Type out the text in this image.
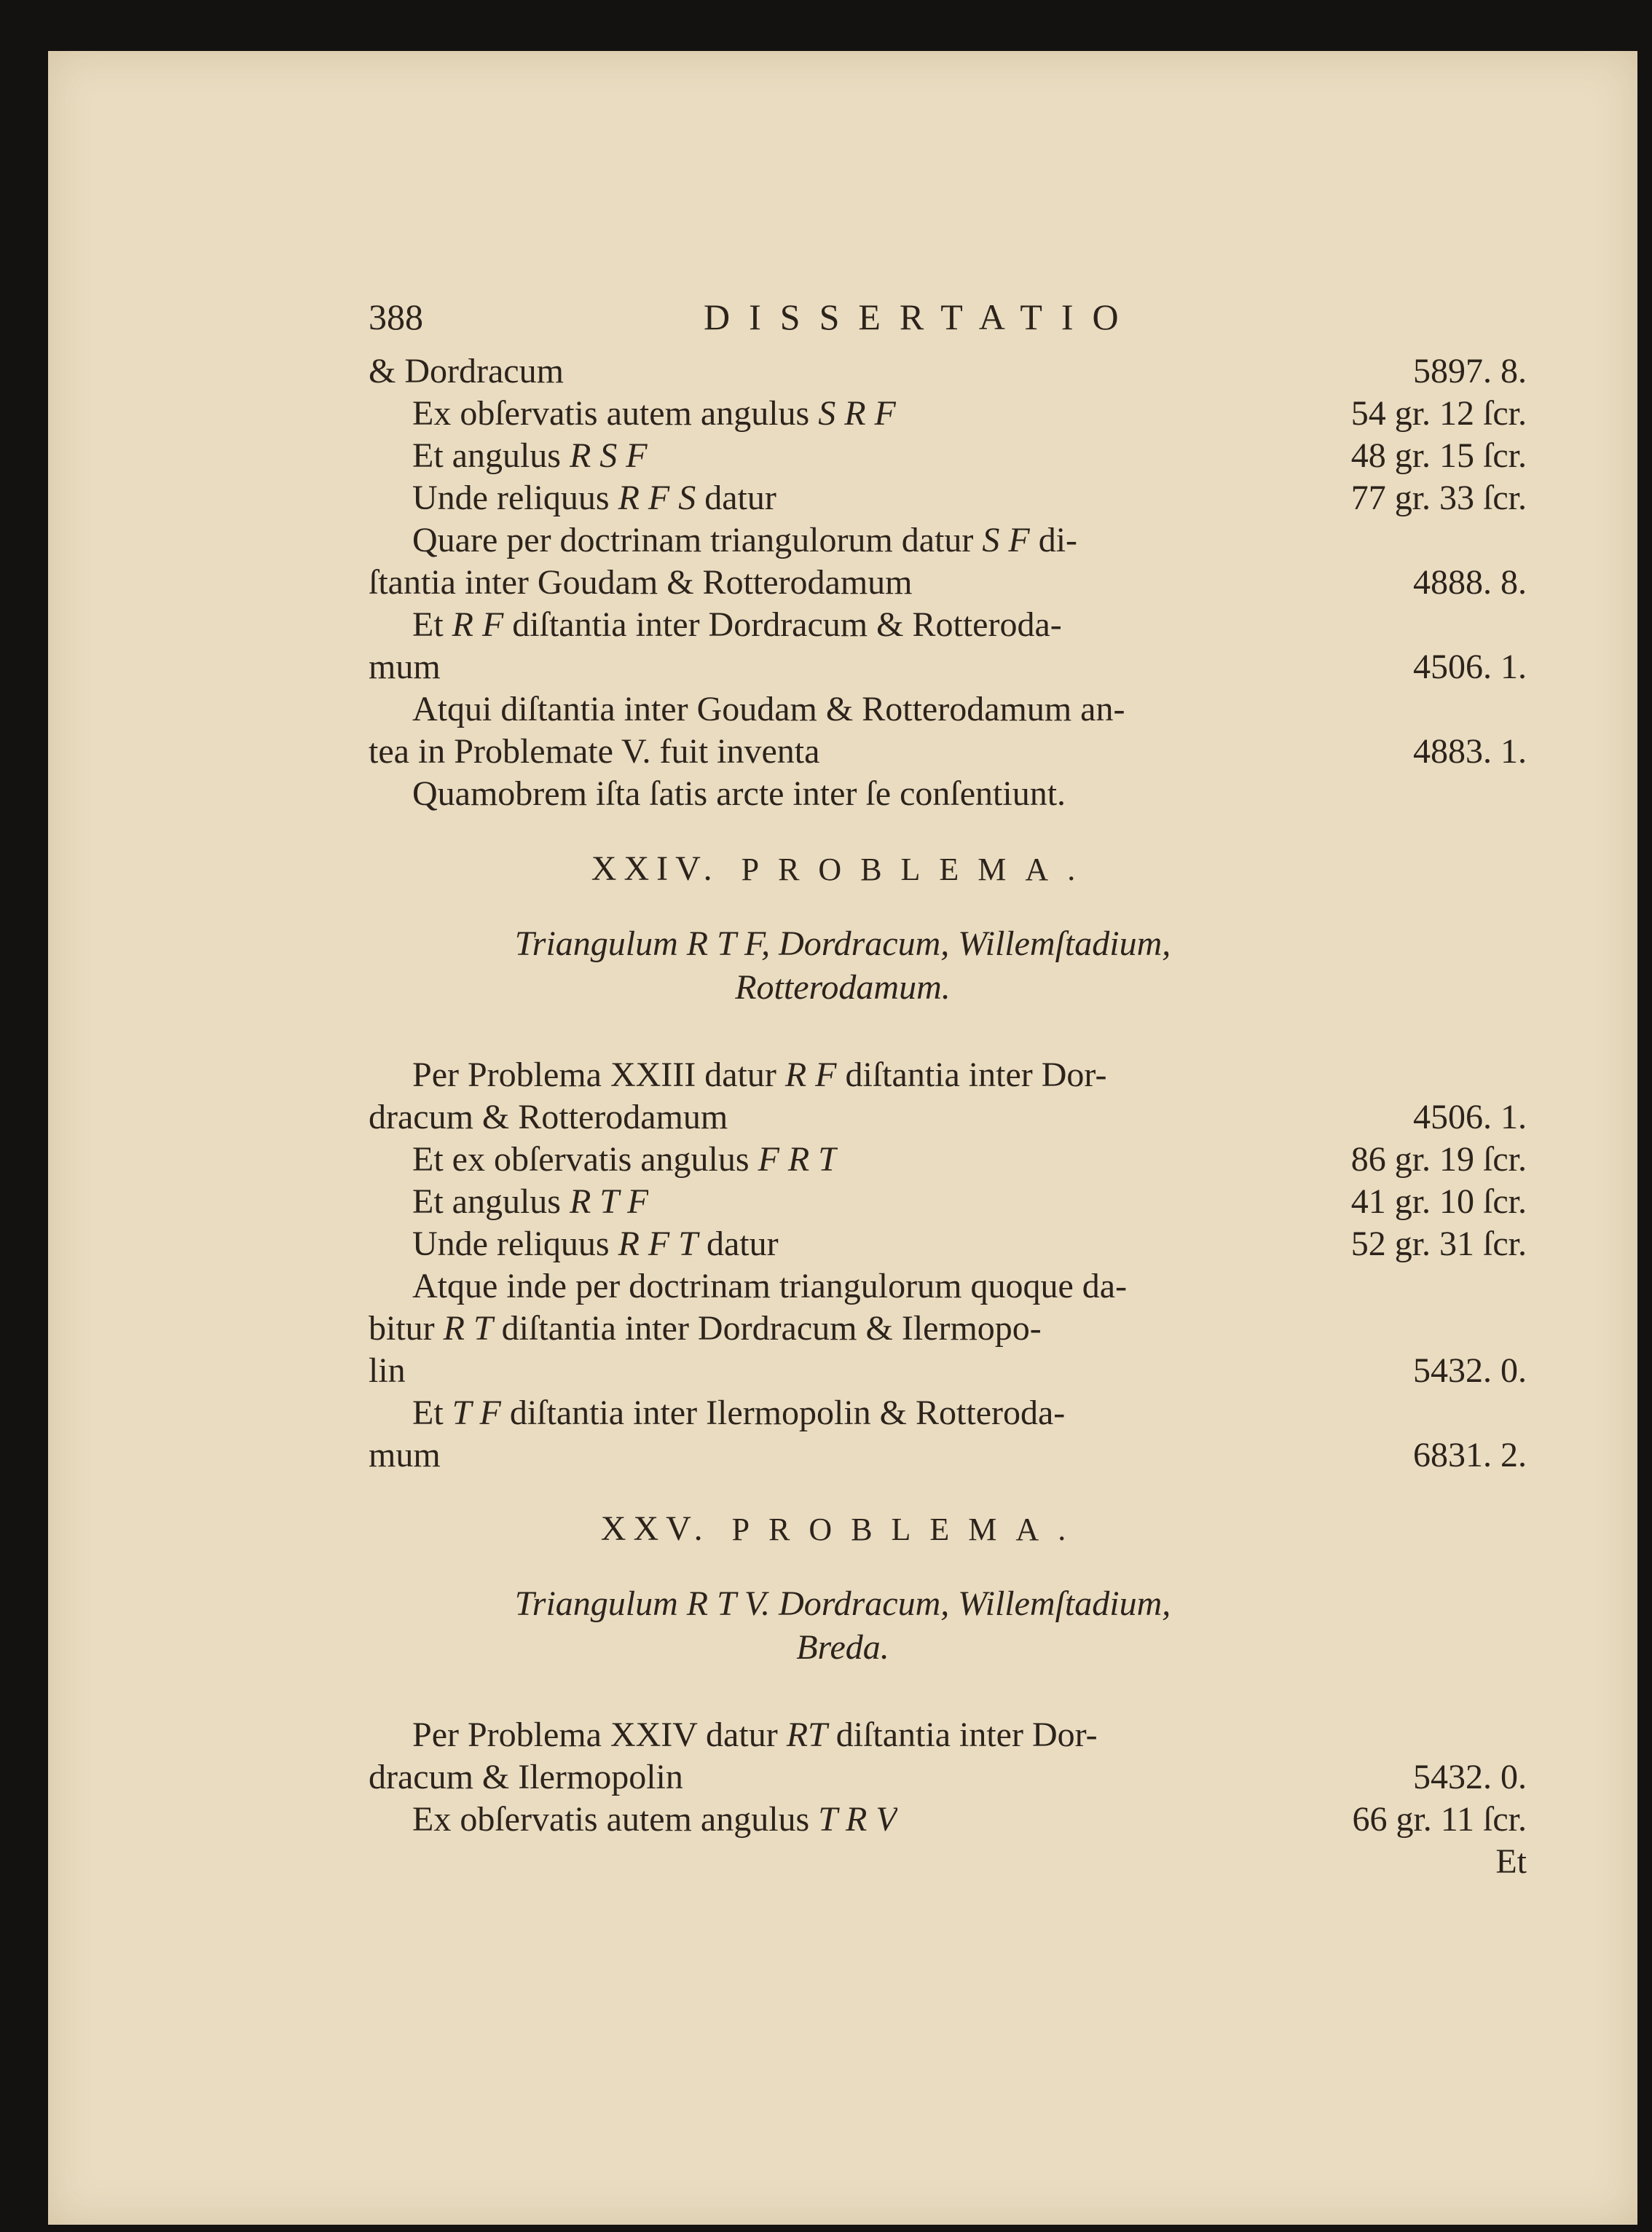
388	DISSERTATIO
& Dordracum	5897. 8.
Ex obſervatis autem angulus S R F	54 gr. 12 ſcr.
Et angulus R S F	48 gr. 15 ſcr.
Unde reliquus R F S datur	77 gr. 33 ſcr.
Quare per doctrinam triangulorum datur S F di-
ſtantia inter Goudam & Rotterodamum	4888. 8.
Et R F diſtantia inter Dordracum & Rotteroda-
mum	4506. 1.
Atqui diſtantia inter Goudam & Rotterodamum an-
tea in Problemate V. fuit inventa	4883. 1.
Quamobrem iſta ſatis arcte inter ſe conſentiunt.
XXIV. PROBLEMA.
Triangulum R T F, Dordracum, Willemſtadium,
Rotterodamum.
Per Problema XXIII datur R F diſtantia inter Dor-
dracum & Rotterodamum	4506. 1.
Et ex obſervatis angulus F R T	86 gr. 19 ſcr.
Et angulus R T F	41 gr. 10 ſcr.
Unde reliquus R F T datur	52 gr. 31 ſcr.
Atque inde per doctrinam triangulorum quoque da-
bitur R T diſtantia inter Dordracum & Ilermopo-
lin	5432. 0.
Et T F diſtantia inter Ilermopolin & Rotteroda-
mum	6831. 2.
XXV. PROBLEMA.
Triangulum R T V. Dordracum, Willemſtadium,
Breda.
Per Problema XXIV datur RT diſtantia inter Dor-
dracum & Ilermopolin	5432. 0.
Ex obſervatis autem angulus T R V	66 gr. 11 ſcr.
Et
